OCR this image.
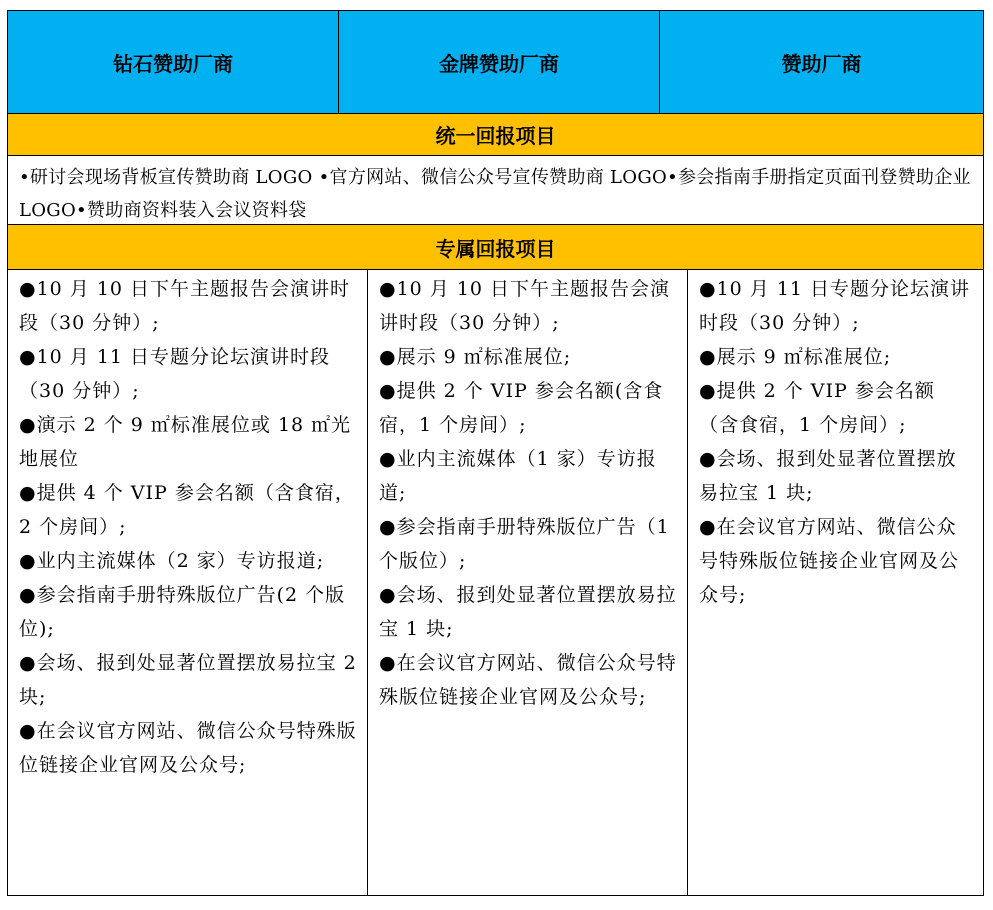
钻石赞助厂商	金牌赞助厂商	赞助厂商
统一回报项目
•研讨会现场背板宣传赞助商 LOGO •官方网站、微信公众号宣传赞助商 LOGO•参会指南手册指定页面刊登赞助企业 LOGO•赞助商资料装入会议资料袋
专属回报项目

●10 月 10 日下午主题报告会演讲时段（30 分钟）;

●10 月 11 日专题分论坛演讲时段（30 分钟）;

●演示 2 个 9 ㎡标准展位或 18 ㎡光地展位

●提供 4 个 VIP 参会名额（含食宿，2 个房间）;

●业内主流媒体（2 家）专访报道;

●参会指南手册特殊版位广告(2 个版位);

●会场、报到处显著位置摆放易拉宝 2 块;

●在会议官方网站、微信公众号特殊版位链接企业官网及公众号;

●10 月 10 日下午主题报告会演讲时段（30 分钟）;

●展示 9 ㎡标准展位;

●提供 2 个 VIP 参会名额(含食宿，1 个房间）;

●业内主流媒体（1 家）专访报道;

●参会指南手册特殊版位广告（1 个版位）;

●会场、报到处显著位置摆放易拉宝 1 块;

●在会议官方网站、微信公众号特殊版位链接企业官网及公众号;

●10 月 11 日专题分论坛演讲时段（30 分钟）;

●展示 9 ㎡标准展位;

●提供 2 个 VIP 参会名额（含食宿，1 个房间）;

●会场、报到处显著位置摆放易拉宝 1 块;

●在会议官方网站、微信公众号特殊版位链接企业官网及公众号;
